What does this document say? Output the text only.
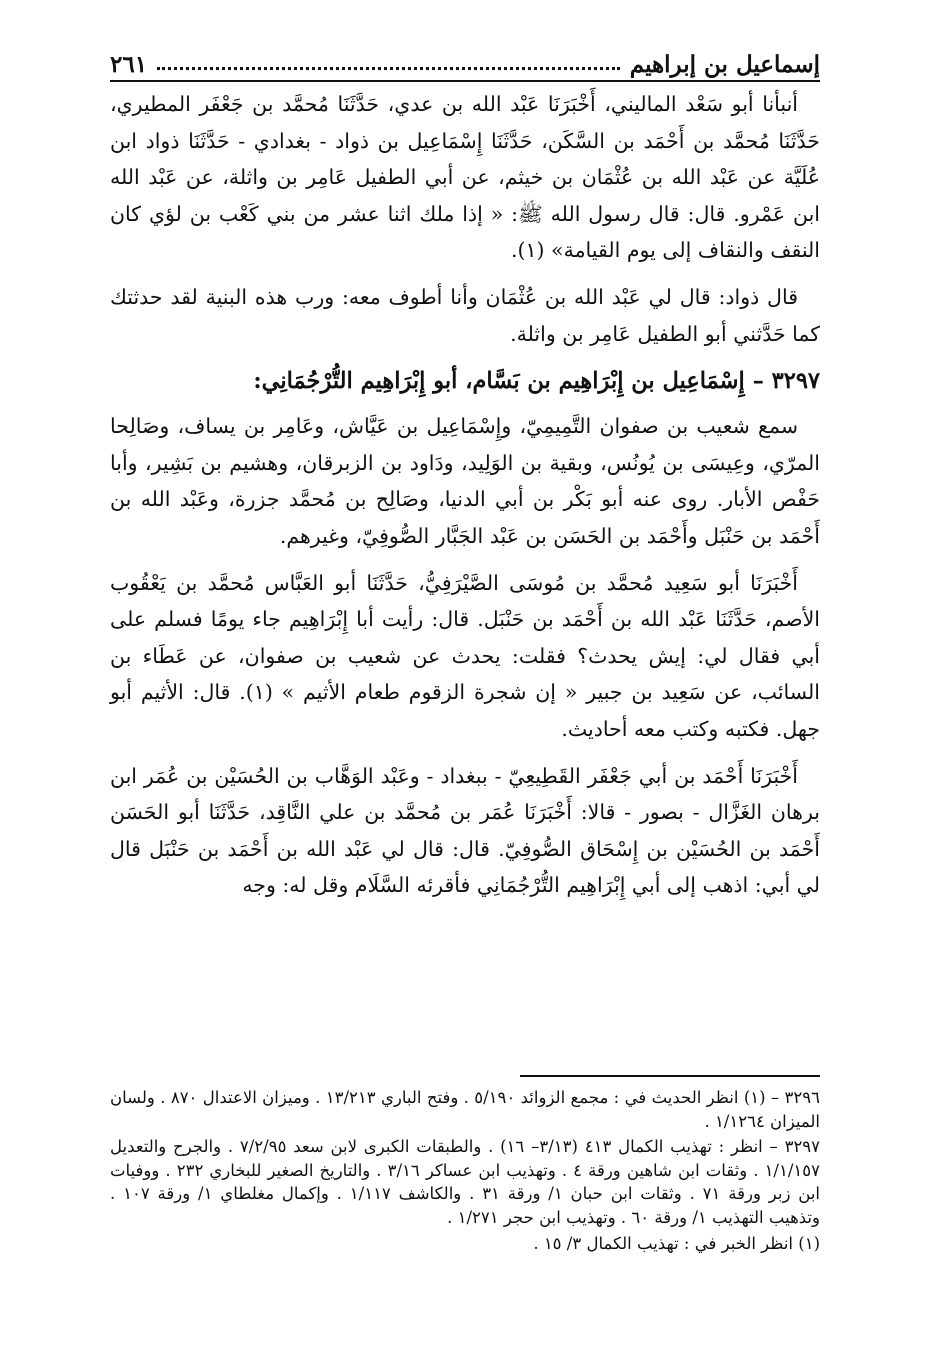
إسماعيل بن إبراهيم
٢٦١

أنبأنا أبو سَعْد الماليني، أَخْبَرَنَا عَبْد الله بن عدي، حَدَّثَنَا مُحمَّد بن جَعْفَر المطيري، حَدَّثَنَا مُحمَّد بن أَحْمَد بن السَّكَن، حَدَّثَنَا إِسْمَاعِيل بن ذواد - بغدادي - حَدَّثَنَا ذواد ابن عُلَيَّة عن عَبْد الله بن عُثْمَان بن خيثم، عن أبي الطفيل عَامِر بن واثلة، عن عَبْد الله ابن عَمْرو. قال: قال رسول الله ﷺ: « إذا ملك اثنا عشر من بني كَعْب بن لؤي كان النقف والنقاف إلى يوم القيامة» (١).

قال ذواد: قال لي عَبْد الله بن عُثْمَان وأنا أطوف معه: ورب هذه البنية لقد حدثتك كما حَدَّثني أبو الطفيل عَامِر بن واثلة.

٣٢٩٧ – إِسْمَاعِيل بن إِبْرَاهِيم بن بَسَّام، أبو إِبْرَاهِيم التُّرْجُمَانِي:

سمع شعيب بن صفوان التَّمِيمِيّ، وإِسْمَاعِيل بن عَيَّاش، وعَامِر بن يساف، وصَالِحا المرّي، وعِيسَى بن يُونُس، وبقية بن الوَلِيد، ودَاود بن الزبرقان، وهشيم بن بَشِير، وأبا حَفْص الأبار. روى عنه أبو بَكْر بن أبي الدنيا، وصَالِح بن مُحمَّد جزرة، وعَبْد الله بن أَحْمَد بن حَنْبَل وأَحْمَد بن الحَسَن بن عَبْد الجَبَّار الصُّوفِيّ، وغيرهم.

أَخْبَرَنَا أبو سَعِيد مُحمَّد بن مُوسَى الصَّيْرَفِيُّ، حَدَّثَنَا أبو العَبَّاس مُحمَّد بن يَعْقُوب الأصم، حَدَّثَنَا عَبْد الله بن أَحْمَد بن حَنْبَل. قال: رأيت أبا إِبْرَاهِيم جاء يومًا فسلم على أبي فقال لي: إيش يحدث؟ فقلت: يحدث عن شعيب بن صفوان، عن عَطَاء بن السائب، عن سَعِيد بن جبير « إن شجرة الزقوم طعام الأثيم » (١). قال: الأثيم أبو جهل. فكتبه وكتب معه أحاديث.

أَخْبَرَنَا أَحْمَد بن أبي جَعْفَر القَطِيعِيّ - ببغداد - وعَبْد الوَهَّاب بن الحُسَيْن بن عُمَر ابن برهان الغَزَّال - بصور - قالا: أَخْبَرَنَا عُمَر بن مُحمَّد بن علي النَّاقِد، حَدَّثَنَا أبو الحَسَن أَحْمَد بن الحُسَيْن بن إِسْحَاق الصُّوفِيّ. قال: قال لي عَبْد الله بن أَحْمَد بن حَنْبَل قال لي أبي: اذهب إلى أبي إِبْرَاهِيم التُّرْجُمَانِي فأقرئه السَّلَام وقل له: وجه

٣٢٩٦ – (١) انظر الحديث في : مجمع الزوائد ٥/١٩٠ . وفتح الباري ١٣/٢١٣ . وميزان الاعتدال ٨٧٠ . ولسان الميزان ١/١٢٦٤ .

٣٢٩٧ – انظر : تهذيب الكمال ٤١٣ (٣/١٣– ١٦) . والطبقات الكبرى لابن سعد ٧/٢/٩٥ . والجرح والتعديل ١/١/١٥٧ . وثقات ابن شاهين ورقة ٤ . وتهذيب ابن عساكر ٣/١٦ . والتاريخ الصغير للبخاري ٢٣٢ . ووفيات ابن زبر ورقة ٧١ . وثقات ابن حبان ١/ ورقة ٣١ . والكاشف ١/١١٧ . وإكمال مغلطاي ١/ ورقة ١٠٧ . وتذهيب التهذيب ١/ ورقة ٦٠ . وتهذيب ابن حجر ١/٢٧١ .

(١) انظر الخبر في : تهذيب الكمال ٣/ ١٥ .
